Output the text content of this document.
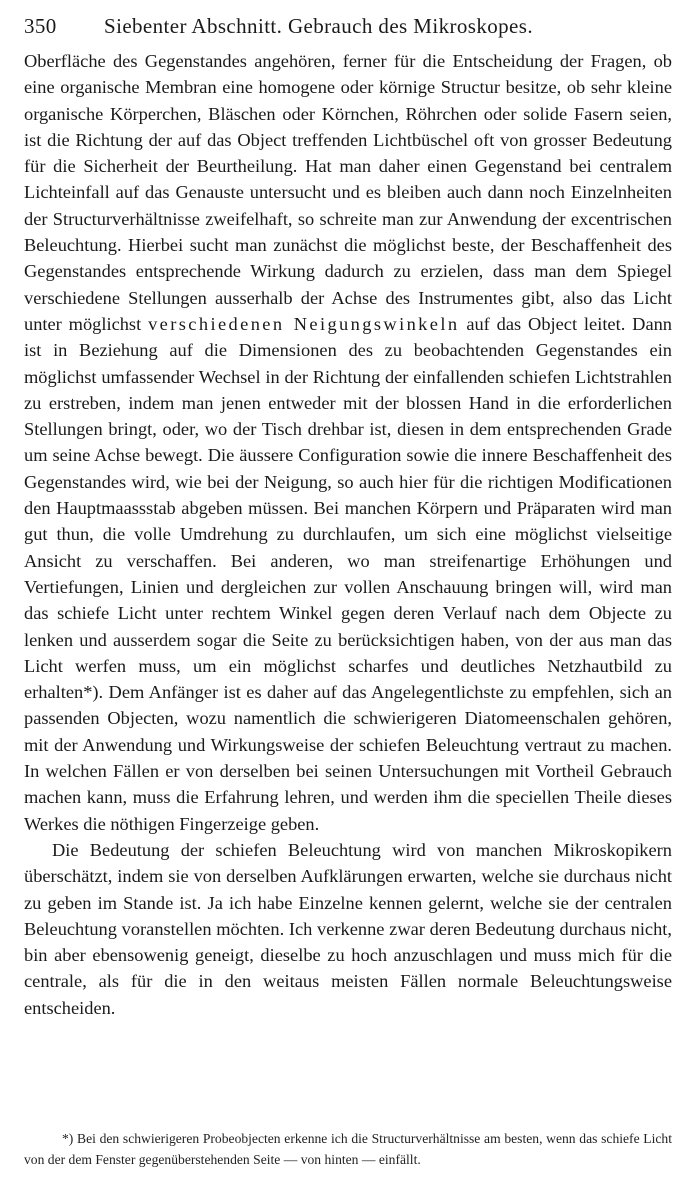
350	Siebenter Abschnitt. Gebrauch des Mikroskopes.

Oberfläche des Gegenstandes angehören, ferner für die Entscheidung der Fragen, ob eine organische Membran eine homogene oder körnige Structur besitze, ob sehr kleine organische Körperchen, Bläschen oder Körnchen, Röhrchen oder solide Fasern seien, ist die Richtung der auf das Object treffenden Lichtbüschel oft von grosser Bedeutung für die Sicherheit der Beurtheilung. Hat man daher einen Gegenstand bei centralem Lichteinfall auf das Genauste untersucht und es bleiben auch dann noch Einzelnheiten der Structurverhältnisse zweifelhaft, so schreite man zur Anwendung der excentrischen Beleuchtung. Hierbei sucht man zunächst die möglichst beste, der Beschaffenheit des Gegenstandes entsprechende Wirkung dadurch zu erzielen, dass man dem Spiegel verschiedene Stellungen ausserhalb der Achse des Instrumentes gibt, also das Licht unter möglichst verschiedenen Neigungswinkeln auf das Object leitet. Dann ist in Beziehung auf die Dimensionen des zu beobachtenden Gegenstandes ein möglichst umfassender Wechsel in der Richtung der einfallenden schiefen Lichtstrahlen zu erstreben, indem man jenen entweder mit der blossen Hand in die erforderlichen Stellungen bringt, oder, wo der Tisch drehbar ist, diesen in dem entsprechenden Grade um seine Achse bewegt. Die äussere Configuration sowie die innere Beschaffenheit des Gegenstandes wird, wie bei der Neigung, so auch hier für die richtigen Modificationen den Hauptmaassstab abgeben müssen. Bei manchen Körpern und Präparaten wird man gut thun, die volle Umdrehung zu durchlaufen, um sich eine möglichst vielseitige Ansicht zu verschaffen. Bei anderen, wo man streifenartige Erhöhungen und Vertiefungen, Linien und dergleichen zur vollen Anschauung bringen will, wird man das schiefe Licht unter rechtem Winkel gegen deren Verlauf nach dem Objecte zu lenken und ausserdem sogar die Seite zu berücksichtigen haben, von der aus man das Licht werfen muss, um ein möglichst scharfes und deutliches Netzhautbild zu erhalten*). Dem Anfänger ist es daher auf das Angelegentlichste zu empfehlen, sich an passenden Objecten, wozu namentlich die schwierigeren Diatomeenschalen gehören, mit der Anwendung und Wirkungsweise der schiefen Beleuchtung vertraut zu machen. In welchen Fällen er von derselben bei seinen Untersuchungen mit Vortheil Gebrauch machen kann, muss die Erfahrung lehren, und werden ihm die speciellen Theile dieses Werkes die nöthigen Fingerzeige geben.

Die Bedeutung der schiefen Beleuchtung wird von manchen Mikroskopikern überschätzt, indem sie von derselben Aufklärungen erwarten, welche sie durchaus nicht zu geben im Stande ist. Ja ich habe Einzelne kennen gelernt, welche sie der centralen Beleuchtung voranstellen möchten. Ich verkenne zwar deren Bedeutung durchaus nicht, bin aber ebensowenig geneigt, dieselbe zu hoch anzuschlagen und muss mich für die centrale, als für die in den weitaus meisten Fällen normale Beleuchtungsweise entscheiden.

*) Bei den schwierigeren Probeobjecten erkenne ich die Structurverhältnisse am besten, wenn das schiefe Licht von der dem Fenster gegenüberstehenden Seite — von hinten — einfällt.
